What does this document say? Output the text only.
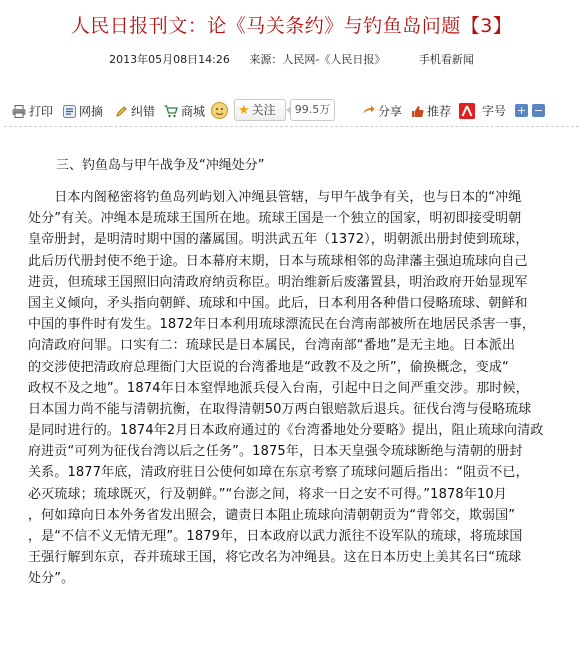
人民日报刊文：论《马关条约》与钓鱼岛问题【3】
2013年05月08日14:26 来源：人民网-《人民日报》	手机看新闻
打印	网摘	纠错	商城	★ 关注	99.5万	分享	推荐	字号 + −
三、钓鱼岛与甲午战争及“冲绳处分”

　　日本内阁秘密将钓鱼岛列屿划入冲绳县管辖，与甲午战争有关，也与日本的“冲绳
处分”有关。冲绳本是琉球王国所在地。琉球王国是一个独立的国家，明初即接受明朝
皇帝册封，是明清时期中国的藩属国。明洪武五年（1372），明朝派出册封使到琉球，
此后历代册封使不绝于途。日本幕府末期，日本与琉球相邻的岛津藩主强迫琉球向自己
进贡，但琉球王国照旧向清政府纳贡称臣。明治维新后废藩置县，明治政府开始显现军
国主义倾向，矛头指向朝鲜、琉球和中国。此后，日本利用各种借口侵略琉球、朝鲜和
中国的事件时有发生。1872年日本利用琉球漂流民在台湾南部被所在地居民杀害一事，
向清政府问罪。口实有二：琉球民是日本属民，台湾南部“番地”是无主地。日本派出
的交涉使把清政府总理衙门大臣说的台湾番地是“政教不及之所”，偷换概念，变成“
政权不及之地”。1874年日本窒悍地派兵侵入台南，引起中日之间严重交涉。那时候，
日本国力尚不能与清朝抗衡，在取得清朝50万两白银赔款后退兵。征伐台湾与侵略琉球
是同时进行的。1874年2月日本政府通过的《台湾番地处分要略》提出，阻止琉球向清政
府进贡“可列为征伐台湾以后之任务”。1875年，日本天皇强令琉球断绝与清朝的册封
关系。1877年底，清政府驻日公使何如璋在东京考察了琉球问题后指出：“阻贡不已，
必灭琉球；琉球既灭，行及朝鲜。”“台澎之间，将求一日之安不可得。”1878年10月
，何如璋向日本外务省发出照会，谴责日本阻止琉球向清朝朝贡为“背邻交，欺弱国”
，是“不信不义无情无理”。1879年，日本政府以武力派往不设军队的琉球，将琉球国
王强行解到东京，吞并琉球王国，将它改名为冲绳县。这在日本历史上美其名曰“琉球
处分”。
